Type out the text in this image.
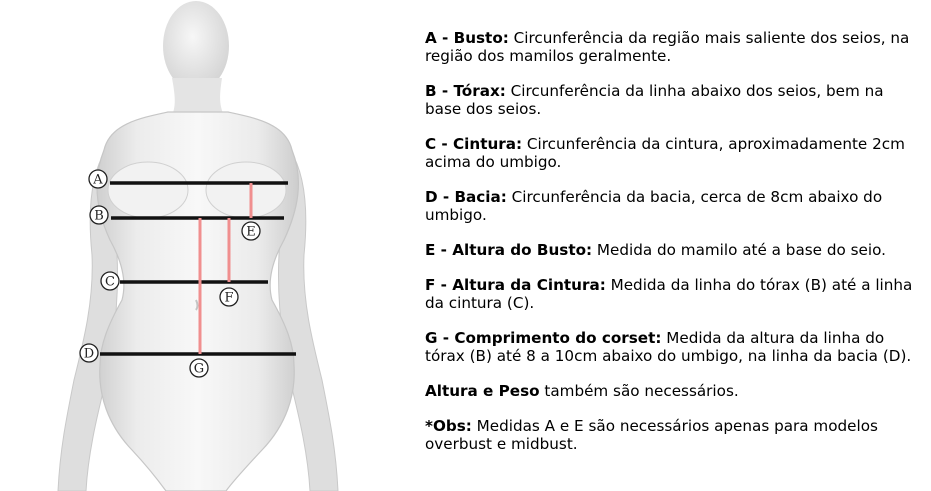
A
B
C
D
E
F
G
A - Busto: Circunferência da região mais saliente dos seios, na região dos mamilos geralmente.
B - Tórax: Circunferência da linha abaixo dos seios, bem na base dos seios.
C - Cintura: Circunferência da cintura, aproximadamente 2cm acima do umbigo.
D - Bacia: Circunferência da bacia, cerca de 8cm abaixo do umbigo.
E - Altura do Busto: Medida do mamilo até a base do seio.
F - Altura da Cintura: Medida da linha do tórax (B) até a linha da cintura (C).
G - Comprimento do corset: Medida da altura da linha do tórax (B) até 8 a 10cm abaixo do umbigo, na linha da bacia (D).
Altura e Peso também são necessários.
*Obs: Medidas A e E são necessários apenas para modelos overbust e midbust.
